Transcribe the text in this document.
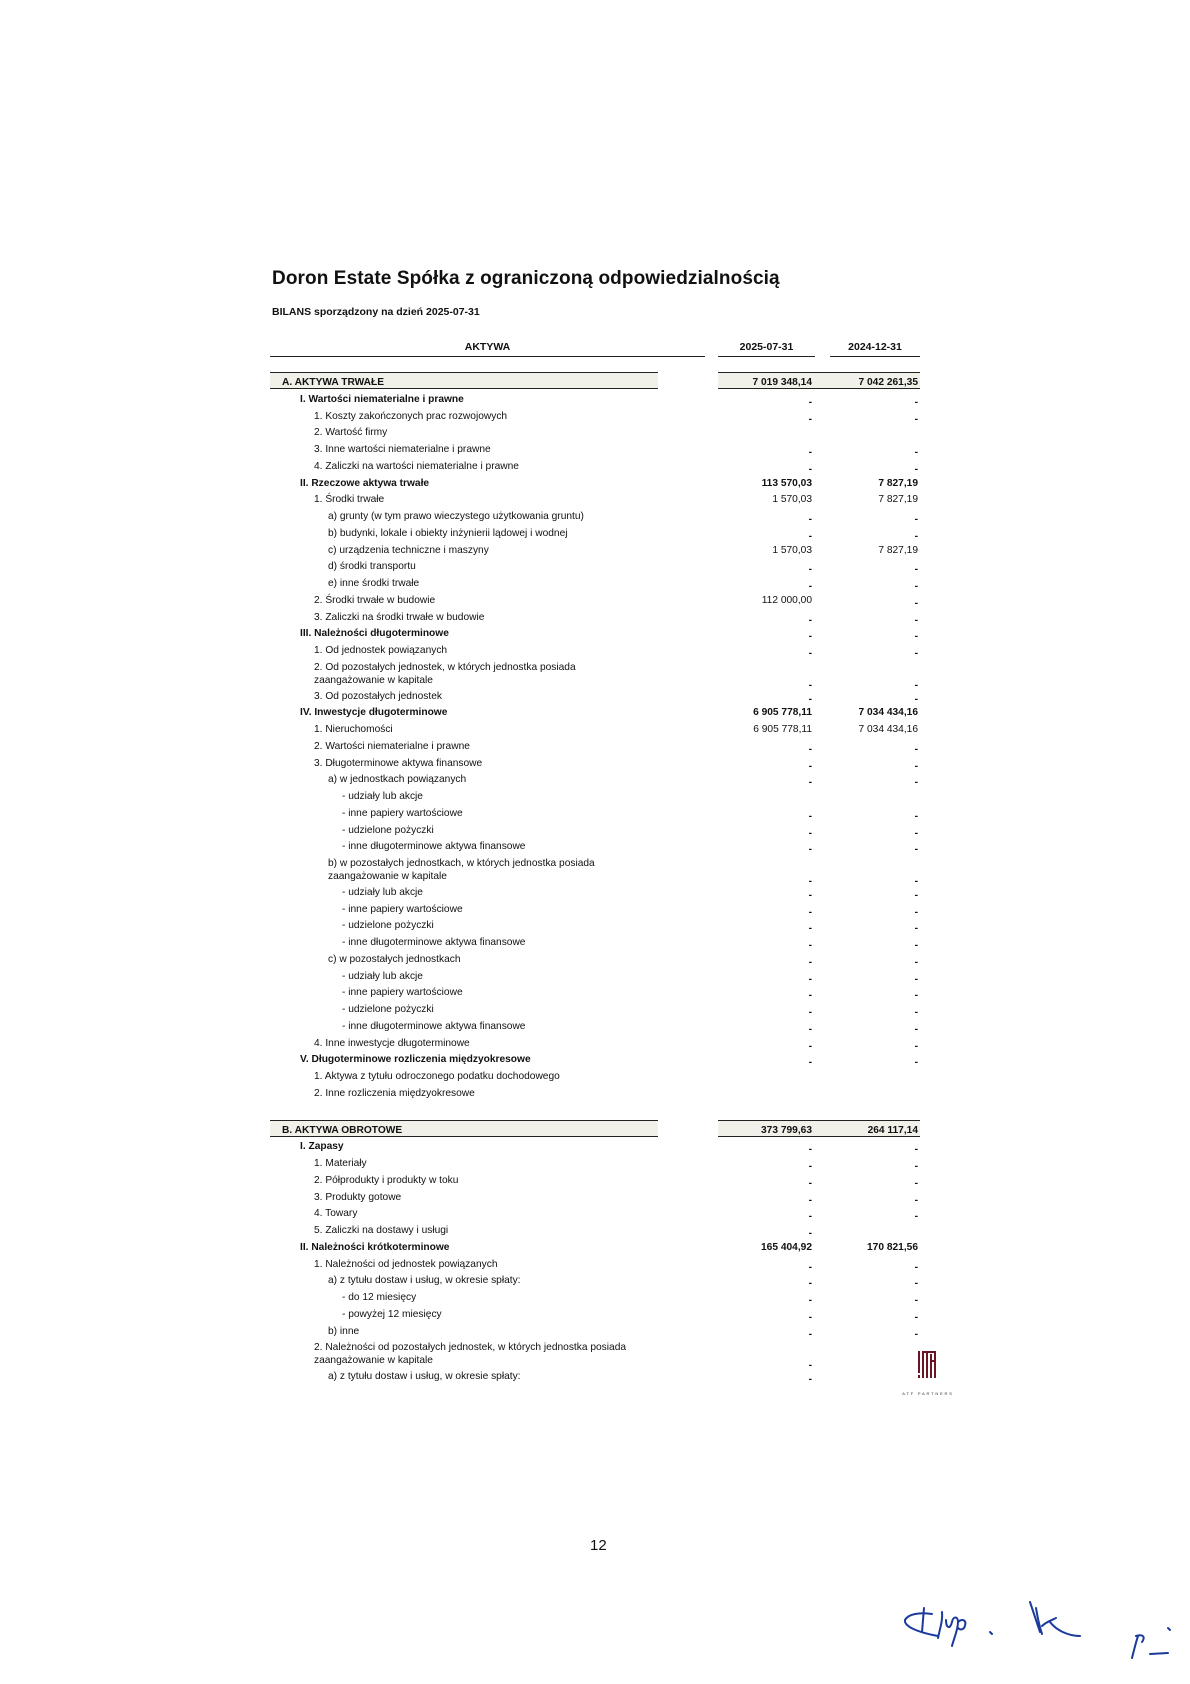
Doron Estate Spółka z ograniczoną odpowiedzialnością
BILANS sporządzony na dzień 2025-07-31
AKTYWA	2025-07-31	2024-12-31
A. AKTYWA TRWAŁE	7 019 348,14	7 042 261,35
I. Wartości niematerialne i prawne	-	-
1. Koszty zakończonych prac rozwojowych	-	-
2. Wartość firmy
3. Inne wartości niematerialne i prawne	-	-
4. Zaliczki na wartości niematerialne i prawne	-	-
II. Rzeczowe aktywa trwałe	113 570,03	7 827,19
1. Środki trwałe	1 570,03	7 827,19
a) grunty (w tym prawo wieczystego użytkowania gruntu)	-	-
b) budynki, lokale i obiekty inżynierii lądowej i wodnej	-	-
c) urządzenia techniczne i maszyny	1 570,03	7 827,19
d) środki transportu	-	-
e) inne środki trwałe	-	-
2. Środki trwałe w budowie	112 000,00	-
3. Zaliczki na środki trwałe w budowie	-	-
III. Należności długoterminowe	-	-
1. Od jednostek powiązanych	-	-
2. Od pozostałych jednostek, w których jednostka posiada
zaangażowanie w kapitale	-	-
3. Od pozostałych jednostek	-	-
IV. Inwestycje długoterminowe	6 905 778,11	7 034 434,16
1. Nieruchomości	6 905 778,11	7 034 434,16
2. Wartości niematerialne i prawne	-	-
3. Długoterminowe aktywa finansowe	-	-
a) w jednostkach powiązanych	-	-
- udziały lub akcje
- inne papiery wartościowe	-	-
- udzielone pożyczki	-	-
- inne długoterminowe aktywa finansowe	-	-
b) w pozostałych jednostkach, w których jednostka posiada
zaangażowanie w kapitale	-	-
- udziały lub akcje	-	-
- inne papiery wartościowe	-	-
- udzielone pożyczki	-	-
- inne długoterminowe aktywa finansowe	-	-
c) w pozostałych jednostkach	-	-
- udziały lub akcje	-	-
- inne papiery wartościowe	-	-
- udzielone pożyczki	-	-
- inne długoterminowe aktywa finansowe	-	-
4. Inne inwestycje długoterminowe	-	-
V. Długoterminowe rozliczenia międzyokresowe	-	-
1. Aktywa z tytułu odroczonego podatku dochodowego
2. Inne rozliczenia międzyokresowe
B. AKTYWA OBROTOWE	373 799,63	264 117,14
I. Zapasy	-	-
1. Materiały	-	-
2. Półprodukty i produkty w toku	-	-
3. Produkty gotowe	-	-
4. Towary	-	-
5. Zaliczki na dostawy i usługi	-
II. Należności krótkoterminowe	165 404,92	170 821,56
1. Należności od jednostek powiązanych	-	-
a) z tytułu dostaw i usług, w okresie spłaty:	-	-
- do 12 miesięcy	-	-
- powyżej 12 miesięcy	-	-
b) inne	-	-
2. Należności od pozostałych jednostek, w których jednostka posiada
zaangażowanie w kapitale	-
a) z tytułu dostaw i usług, w okresie spłaty:	-
ATF PARTNERS
12
